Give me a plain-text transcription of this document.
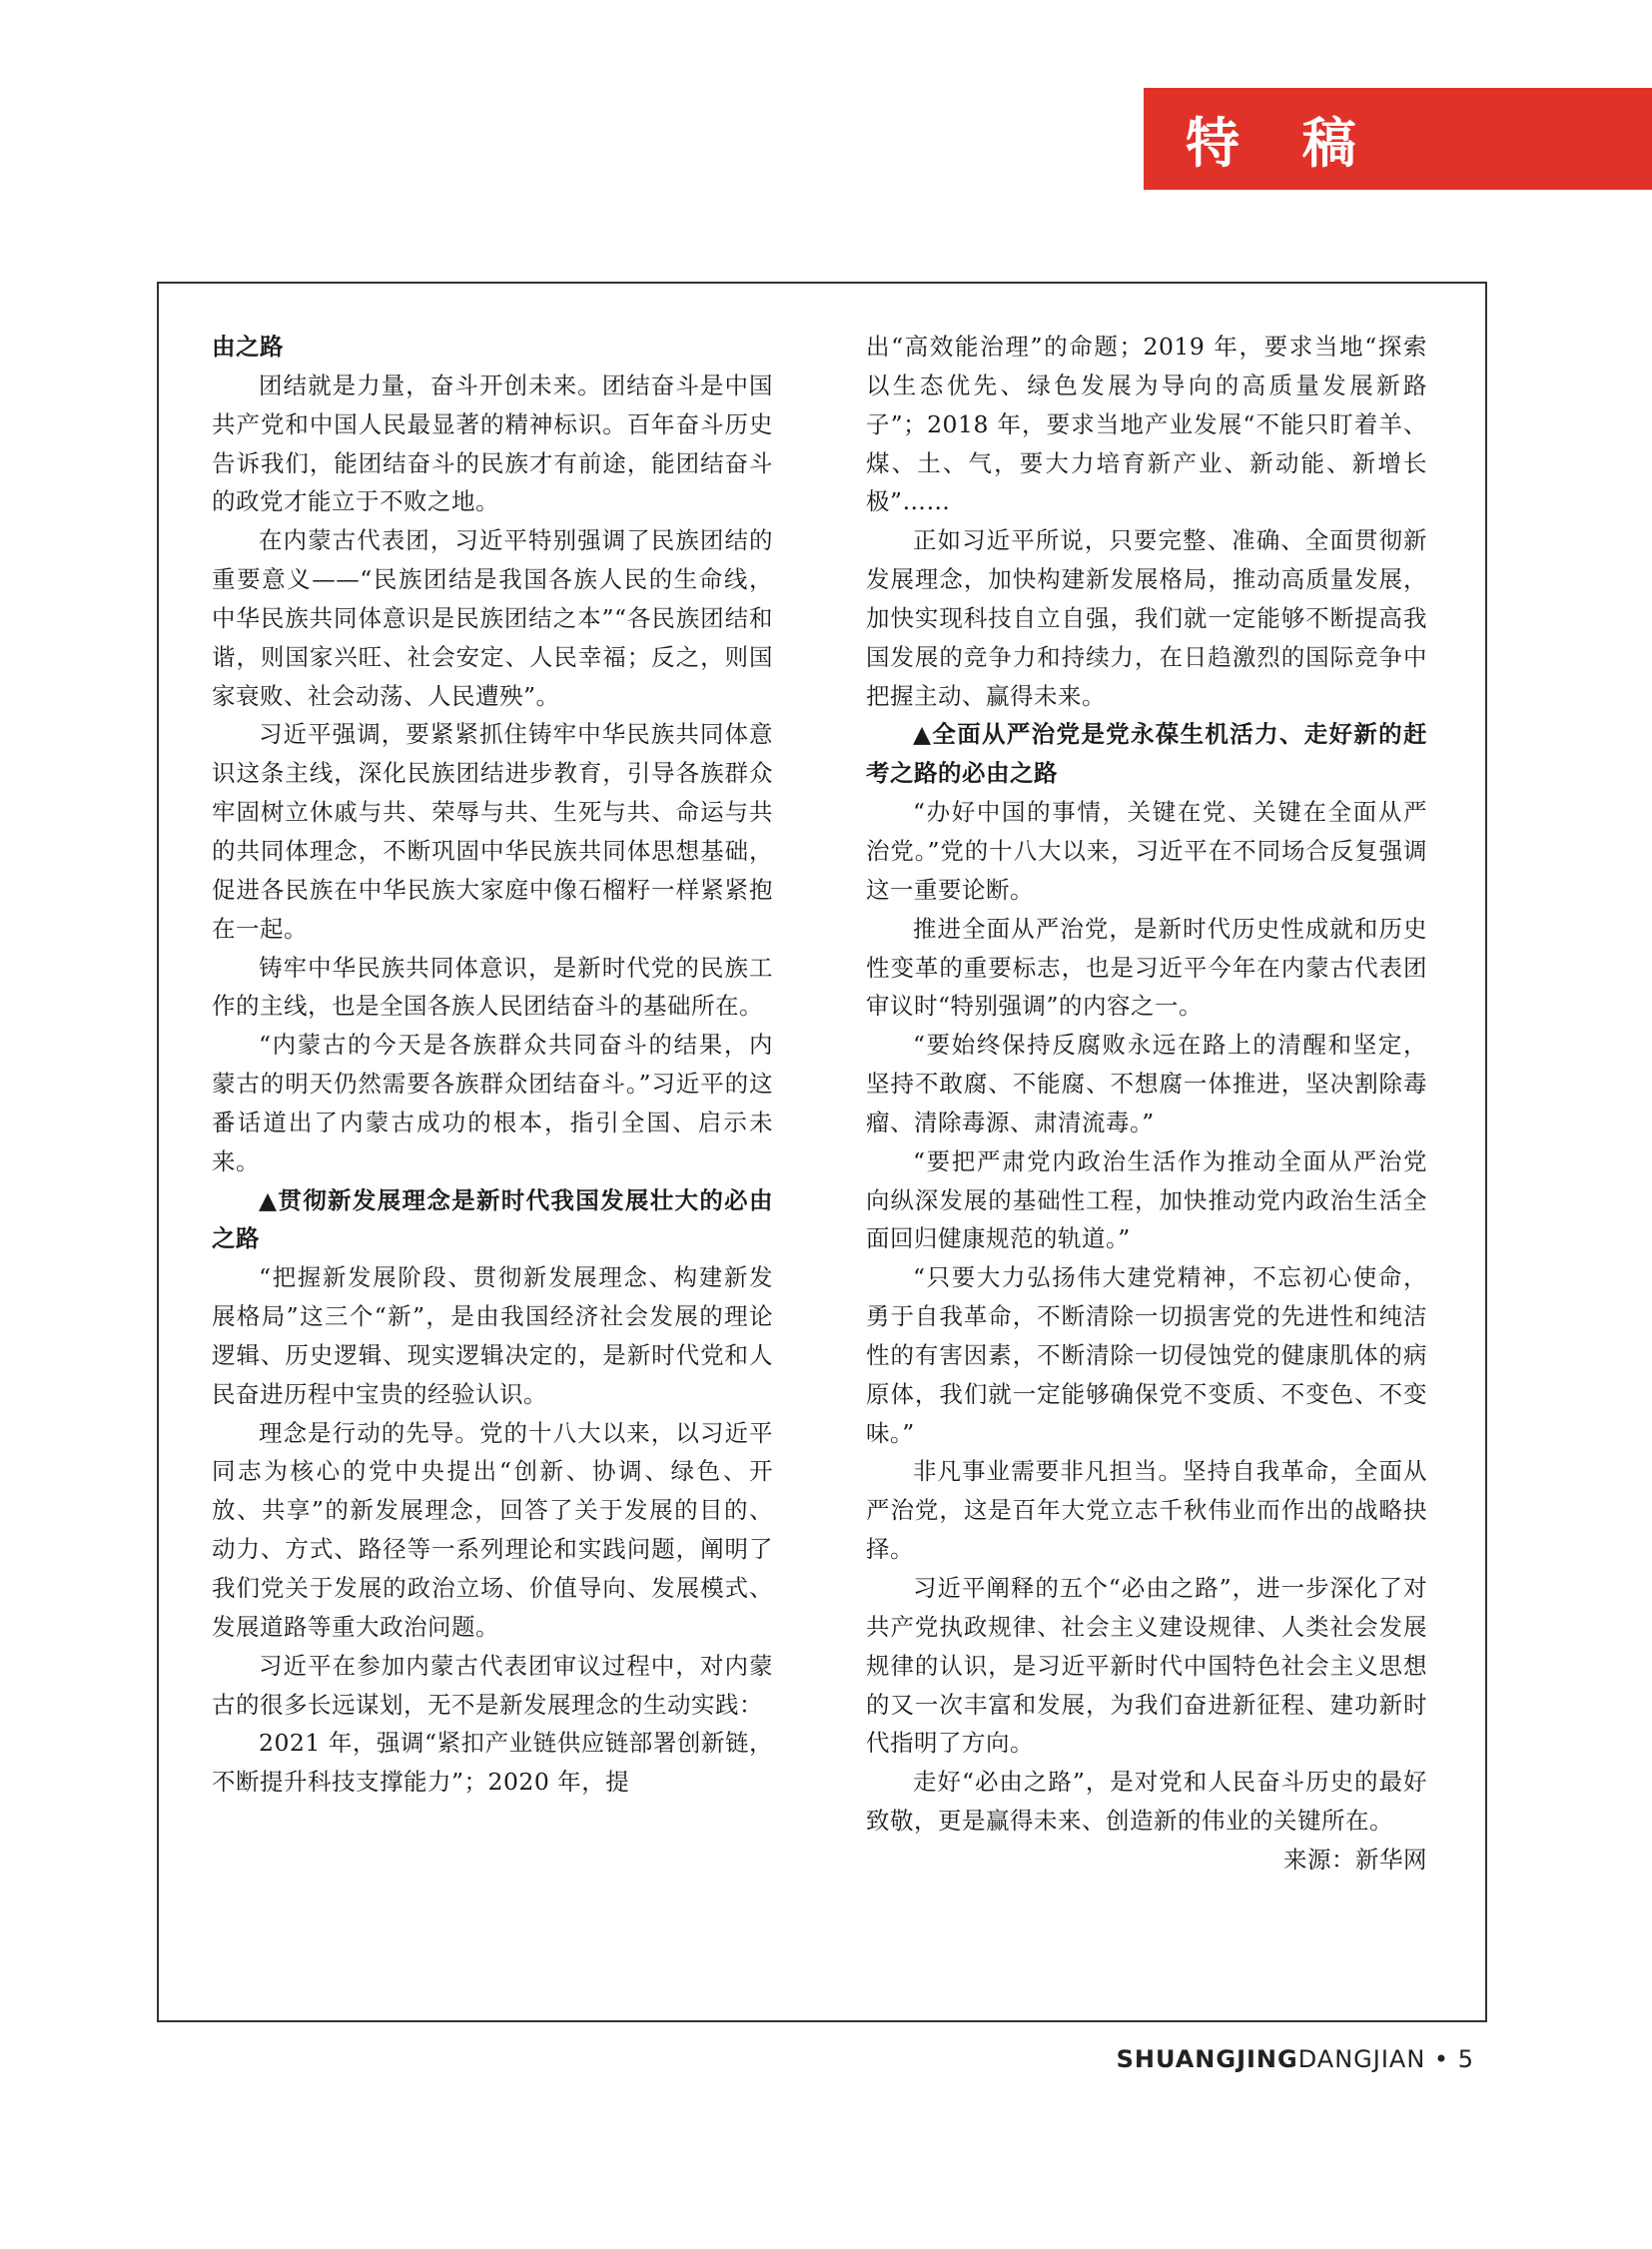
特 稿

由之路

团结就是力量，奋斗开创未来。团结奋斗是中国共产党和中国人民最显著的精神标识。百年奋斗历史告诉我们，能团结奋斗的民族才有前途，能团结奋斗的政党才能立于不败之地。

在内蒙古代表团，习近平特别强调了民族团结的重要意义——“民族团结是我国各族人民的生命线，中华民族共同体意识是民族团结之本”“各民族团结和谐，则国家兴旺、社会安定、人民幸福；反之，则国家衰败、社会动荡、人民遭殃”。

习近平强调，要紧紧抓住铸牢中华民族共同体意识这条主线，深化民族团结进步教育，引导各族群众牢固树立休戚与共、荣辱与共、生死与共、命运与共的共同体理念，不断巩固中华民族共同体思想基础，促进各民族在中华民族大家庭中像石榴籽一样紧紧抱在一起。

铸牢中华民族共同体意识，是新时代党的民族工作的主线，也是全国各族人民团结奋斗的基础所在。

“内蒙古的今天是各族群众共同奋斗的结果，内蒙古的明天仍然需要各族群众团结奋斗。”习近平的这番话道出了内蒙古成功的根本，指引全国、启示未来。

▲贯彻新发展理念是新时代我国发展壮大的必由之路

“把握新发展阶段、贯彻新发展理念、构建新发展格局”这三个“新”，是由我国经济社会发展的理论逻辑、历史逻辑、现实逻辑决定的，是新时代党和人民奋进历程中宝贵的经验认识。

理念是行动的先导。党的十八大以来，以习近平同志为核心的党中央提出“创新、协调、绿色、开放、共享”的新发展理念，回答了关于发展的目的、动力、方式、路径等一系列理论和实践问题，阐明了我们党关于发展的政治立场、价值导向、发展模式、发展道路等重大政治问题。

习近平在参加内蒙古代表团审议过程中，对内蒙古的很多长远谋划，无不是新发展理念的生动实践：

2021 年，强调“紧扣产业链供应链部署创新链，不断提升科技支撑能力”；2020 年，提

出“高效能治理”的命题；2019 年，要求当地“探索以生态优先、绿色发展为导向的高质量发展新路子”；2018 年，要求当地产业发展“不能只盯着羊、煤、土、气，要大力培育新产业、新动能、新增长极”……

正如习近平所说，只要完整、准确、全面贯彻新发展理念，加快构建新发展格局，推动高质量发展，加快实现科技自立自强，我们就一定能够不断提高我国发展的竞争力和持续力，在日趋激烈的国际竞争中把握主动、赢得未来。

▲全面从严治党是党永葆生机活力、走好新的赶考之路的必由之路

“办好中国的事情，关键在党、关键在全面从严治党。”党的十八大以来，习近平在不同场合反复强调这一重要论断。

推进全面从严治党，是新时代历史性成就和历史性变革的重要标志，也是习近平今年在内蒙古代表团审议时“特别强调”的内容之一。

“要始终保持反腐败永远在路上的清醒和坚定，坚持不敢腐、不能腐、不想腐一体推进，坚决割除毒瘤、清除毒源、肃清流毒。”

“要把严肃党内政治生活作为推动全面从严治党向纵深发展的基础性工程，加快推动党内政治生活全面回归健康规范的轨道。”

“只要大力弘扬伟大建党精神，不忘初心使命，勇于自我革命，不断清除一切损害党的先进性和纯洁性的有害因素，不断清除一切侵蚀党的健康肌体的病原体，我们就一定能够确保党不变质、不变色、不变味。”

非凡事业需要非凡担当。坚持自我革命，全面从严治党，这是百年大党立志千秋伟业而作出的战略抉择。

习近平阐释的五个“必由之路”，进一步深化了对共产党执政规律、社会主义建设规律、人类社会发展规律的认识，是习近平新时代中国特色社会主义思想的又一次丰富和发展，为我们奋进新征程、建功新时代指明了方向。

走好“必由之路”，是对党和人民奋斗历史的最好致敬，更是赢得未来、创造新的伟业的关键所在。

来源：新华网

SHUANGJINGDANGJIAN • 5
